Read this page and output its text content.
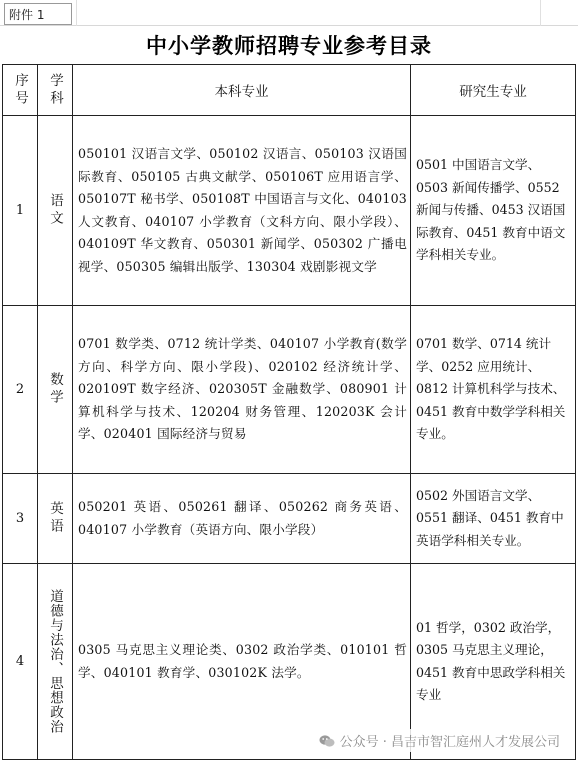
附件 1
中小学教师招聘专业参考目录
序号	学科	本科专业	研究生专业
1	语文	050101 汉语言文学、050102 汉语言、050103 汉语国际教育、050105 古典文献学、050106T 应用语言学、050107T 秘书学、050108T 中国语言与文化、040103 人文教育、040107 小学教育（文科方向、限小学段）、040109T 华文教育、050301 新闻学、050302 广播电视学、050305 编辑出版学、130304 戏剧影视文学	0501 中国语言文学、0503 新闻传播学、0552 新闻与传播、0453 汉语国际教育、0451 教育中语文学科相关专业。
2	数学	0701 数学类、0712 统计学类、040107 小学教育(数学方向、科学方向、限小学段)、020102 经济统计学、020109T 数字经济、020305T 金融数学、080901 计算机科学与技术、120204 财务管理、120203K 会计学、020401 国际经济与贸易	0701 数学、0714 统计学、0252 应用统计、0812 计算机科学与技术、0451 教育中数学学科相关专业。
3	英语	050201 英语、050261 翻译、050262 商务英语、040107 小学教育（英语方向、限小学段）	0502 外国语言文学、0551 翻译、0451 教育中英语学科相关专业。
4	道德与法治、思想政治	0305 马克思主义理论类、0302 政治学类、010101 哲学、040101 教育学、030102K 法学。	01 哲学，0302 政治学，0305 马克思主义理论，0451 教育中思政学科相关专业
公众号 · 昌吉市智汇庭州人才发展公司
